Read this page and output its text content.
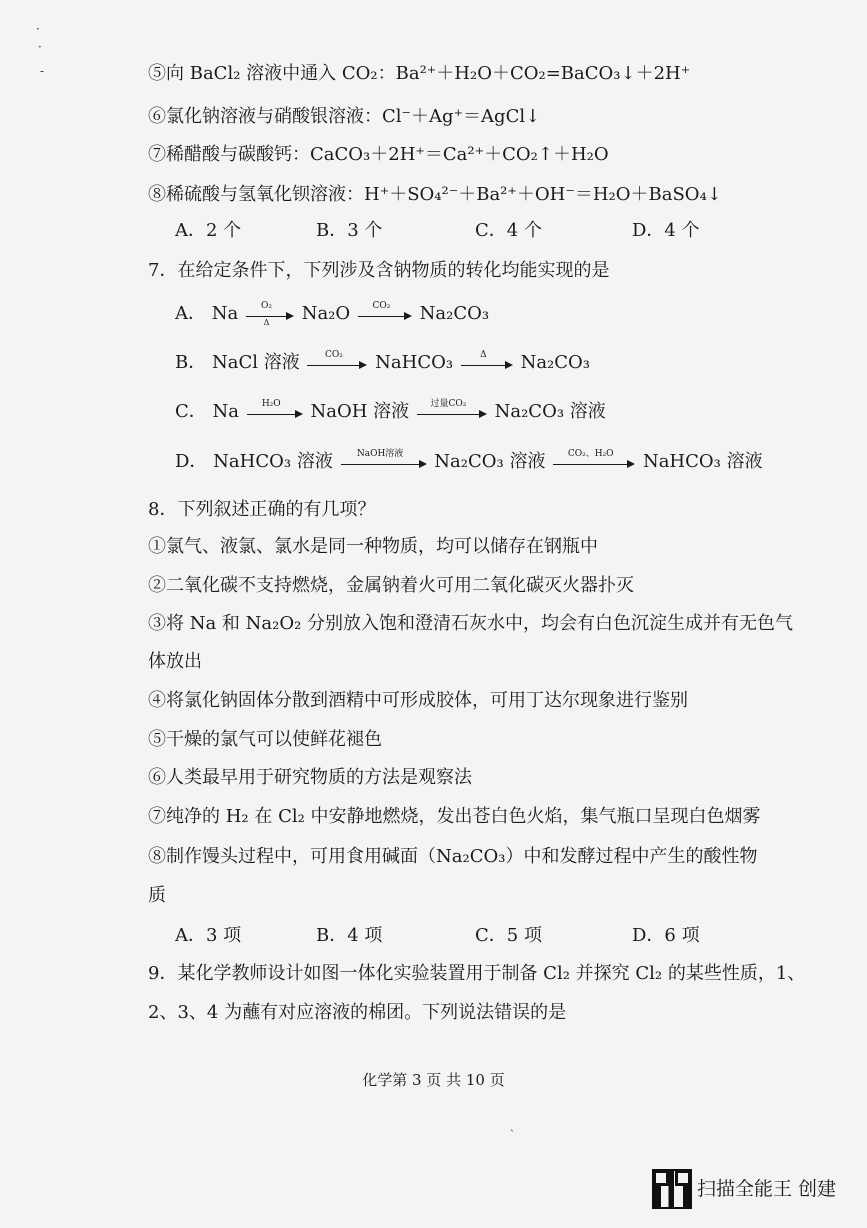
⑤向 BaCl₂ 溶液中通入 CO₂：Ba²⁺＋H₂O＋CO₂=BaCO₃↓＋2H⁺
⑥氯化钠溶液与硝酸银溶液：Cl⁻＋Ag⁺＝AgCl↓
⑦稀醋酸与碳酸钙：CaCO₃＋2H⁺＝Ca²⁺＋CO₂↑＋H₂O
⑧稀硫酸与氢氧化钡溶液：H⁺＋SO₄²⁻＋Ba²⁺＋OH⁻＝H₂O＋BaSO₄↓
A．2 个	B．3 个	C．4 个	D．4 个
7．在给定条件下，下列涉及含钠物质的转化均能实现的是
A． Na $\frac{\text{O₂}}{\Delta} Na_2O$	CO₂	Na₂CO₃
B． NaCl 溶液	CO₂	NaHCO₃	Δ	Na₂CO₃
C． Na	H₂O	NaOH 溶液	过量CO₂	Na₂CO₃ 溶液
D． NaHCO₃ 溶液	NaOH溶液	Na₂CO₃ 溶液	CO₂、H₂O	NaHCO₃ 溶液
8．下列叙述正确的有几项？
①氯气、液氯、氯水是同一种物质，均可以储存在钢瓶中
②二氧化碳不支持燃烧，金属钠着火可用二氧化碳灭火器扑灭
③将 Na 和 Na₂O₂ 分别放入饱和澄清石灰水中，均会有白色沉淀生成并有无色气
体放出
④将氯化钠固体分散到酒精中可形成胶体，可用丁达尔现象进行鉴别
⑤干燥的氯气可以使鲜花褪色
⑥人类最早用于研究物质的方法是观察法
⑦纯净的 H₂ 在 Cl₂ 中安静地燃烧，发出苍白色火焰，集气瓶口呈现白色烟雾
⑧制作馒头过程中，可用食用碱面（Na₂CO₃）中和发酵过程中产生的酸性物
质
A．3 项	B．4 项	C．5 项	D．6 项
9．某化学教师设计如图一体化实验装置用于制备 Cl₂ 并探究 Cl₂ 的某些性质，1、
2、3、4 为蘸有对应溶液的棉团。下列说法错误的是
化学第 3 页 共 10 页
扫描全能王 创建
·
·
‐
ˎ
